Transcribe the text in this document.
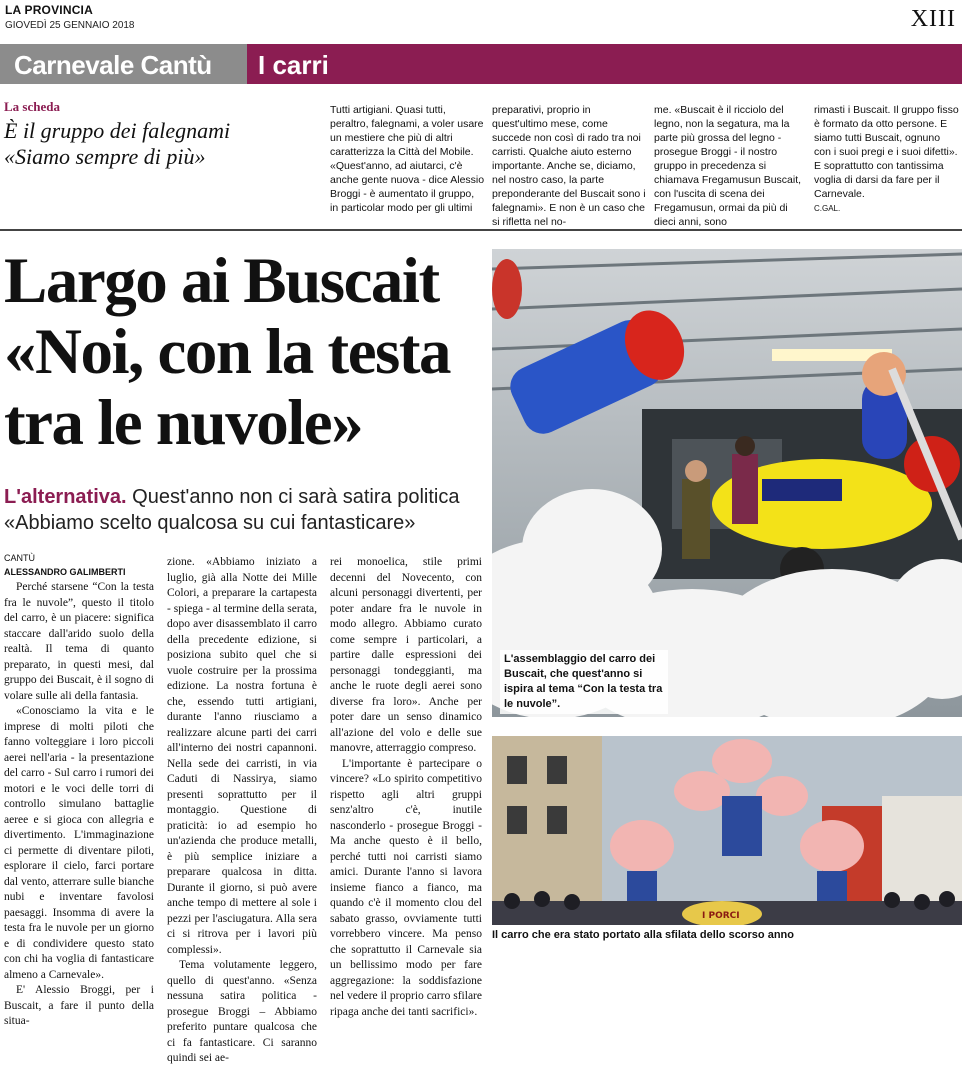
LA PROVINCIA
GIOVEDÌ 25 GENNAIO 2018	XIII
Carnevale Cantù I carri
La scheda
È il gruppo dei falegnami «Siamo sempre di più»
Tutti artigiani. Quasi tutti, peraltro, falegnami, a voler usare un mestiere che più di altri caratterizza la Città del Mobile. «Quest'anno, ad aiutarci, c'è anche gente nuova - dice Alessio Broggi - è aumentato il gruppo, in particolar modo per gli ultimi
preparativi, proprio in quest'ultimo mese, come succede non così di rado tra noi carristi. Qualche aiuto esterno importante. Anche se, diciamo, nel nostro caso, la parte preponderante del Buscait sono i falegnami». E non è un caso che si rifletta nel no-
me. «Buscait è il ricciolo del legno, non la segatura, ma la parte più grossa del legno - prosegue Broggi - il nostro gruppo in precedenza si chiamava Fregamusun Buscait, con l'uscita di scena dei Fregamusun, ormai da più di dieci anni, sono
rimasti i Buscait. Il gruppo fisso è formato da otto persone. E siamo tutti Buscait, ognuno con i suoi pregi e i suoi difetti». E soprattutto con tantissima voglia di darsi da fare per il Carnevale.
C.GAL.
Largo ai Buscait «Noi, con la testa tra le nuvole»
L'alternativa. Quest'anno non ci sarà satira politica «Abbiamo scelto qualcosa su cui fantasticare»
CANTÙ
ALESSANDRO GALIMBERTI

Perché starsene “Con la testa fra le nuvole”, questo il titolo del carro, è un piacere: significa staccare dall'arido suolo della realtà. Il tema di quanto preparato, in questi mesi, dal gruppo dei Buscait, è il sogno di volare sulle ali della fantasia.

«Conosciamo la vita e le imprese di molti piloti che fanno volteggiare i loro piccoli aerei nell'aria - la presentazione del carro - Sul carro i rumori dei motori e le voci delle torri di controllo simulano battaglie aeree e si gioca con allegria e divertimento. L'immaginazione ci permette di diventare piloti, esplorare il cielo, farci portare dal vento, atterrare sulle bianche nubi e inventare favolosi paesaggi. Insomma di avere la testa fra le nuvole per un giorno e di condividere questo stato con chi ha voglia di fantasticare almeno a Carnevale».

E' Alessio Broggi, per i Buscait, a fare il punto della situa-

zione. «Abbiamo iniziato a luglio, già alla Notte dei Mille Colori, a preparare la cartapesta - spiega - al termine della serata, dopo aver disassemblato il carro della precedente edizione, si posiziona subito quel che si vuole costruire per la prossima edizione. La nostra fortuna è che, essendo tutti artigiani, durante l'anno riusciamo a realizzare alcune parti dei carri all'interno dei nostri capannoni. Nella sede dei carristi, in via Caduti di Nassirya, siamo presenti soprattutto per il montaggio. Questione di praticità: io ad esempio ho un'azienda che produce metalli, è più semplice iniziare a preparare qualcosa in ditta. Durante il giorno, si può avere anche tempo di mettere al sole i pezzi per l'asciugatura. Alla sera ci si ritrova per i lavori più complessi».

Tema volutamente leggero, quello di quest'anno. «Senza nessuna satira politica - prosegue Broggi – Abbiamo preferito puntare qualcosa che ci fa fantasticare. Ci saranno quindi sei ae-

rei monoelica, stile primi decenni del Novecento, con alcuni personaggi divertenti, per poter andare fra le nuvole in modo allegro. Abbiamo curato come sempre i particolari, a partire dalle espressioni dei personaggi tondeggianti, ma anche le ruote degli aerei sono diverse fra loro». Anche per poter dare un senso dinamico all'azione del volo e delle sue manovre, atterraggio compreso.

L'importante è partecipare o vincere? «Lo spirito competitivo rispetto agli altri gruppi senz'altro c'è, inutile nasconderlo - prosegue Broggi - Ma anche questo è il bello, perché tutti noi carristi siamo amici. Durante l'anno si lavora insieme fianco a fianco, ma quando c'è il momento clou del sabato grasso, ovviamente tutti vorrebbero vincere. Ma penso che soprattutto il Carnevale sia un bellissimo modo per fare aggregazione: la soddisfazione nel vedere il proprio carro sfilare ripaga anche dei tanti sacrifici».

L'assemblaggio del carro dei Buscait, che quest'anno si ispira al tema “Con la testa tra le nuvole”.
I PORCI
Il carro che era stato portato alla sfilata dello scorso anno
